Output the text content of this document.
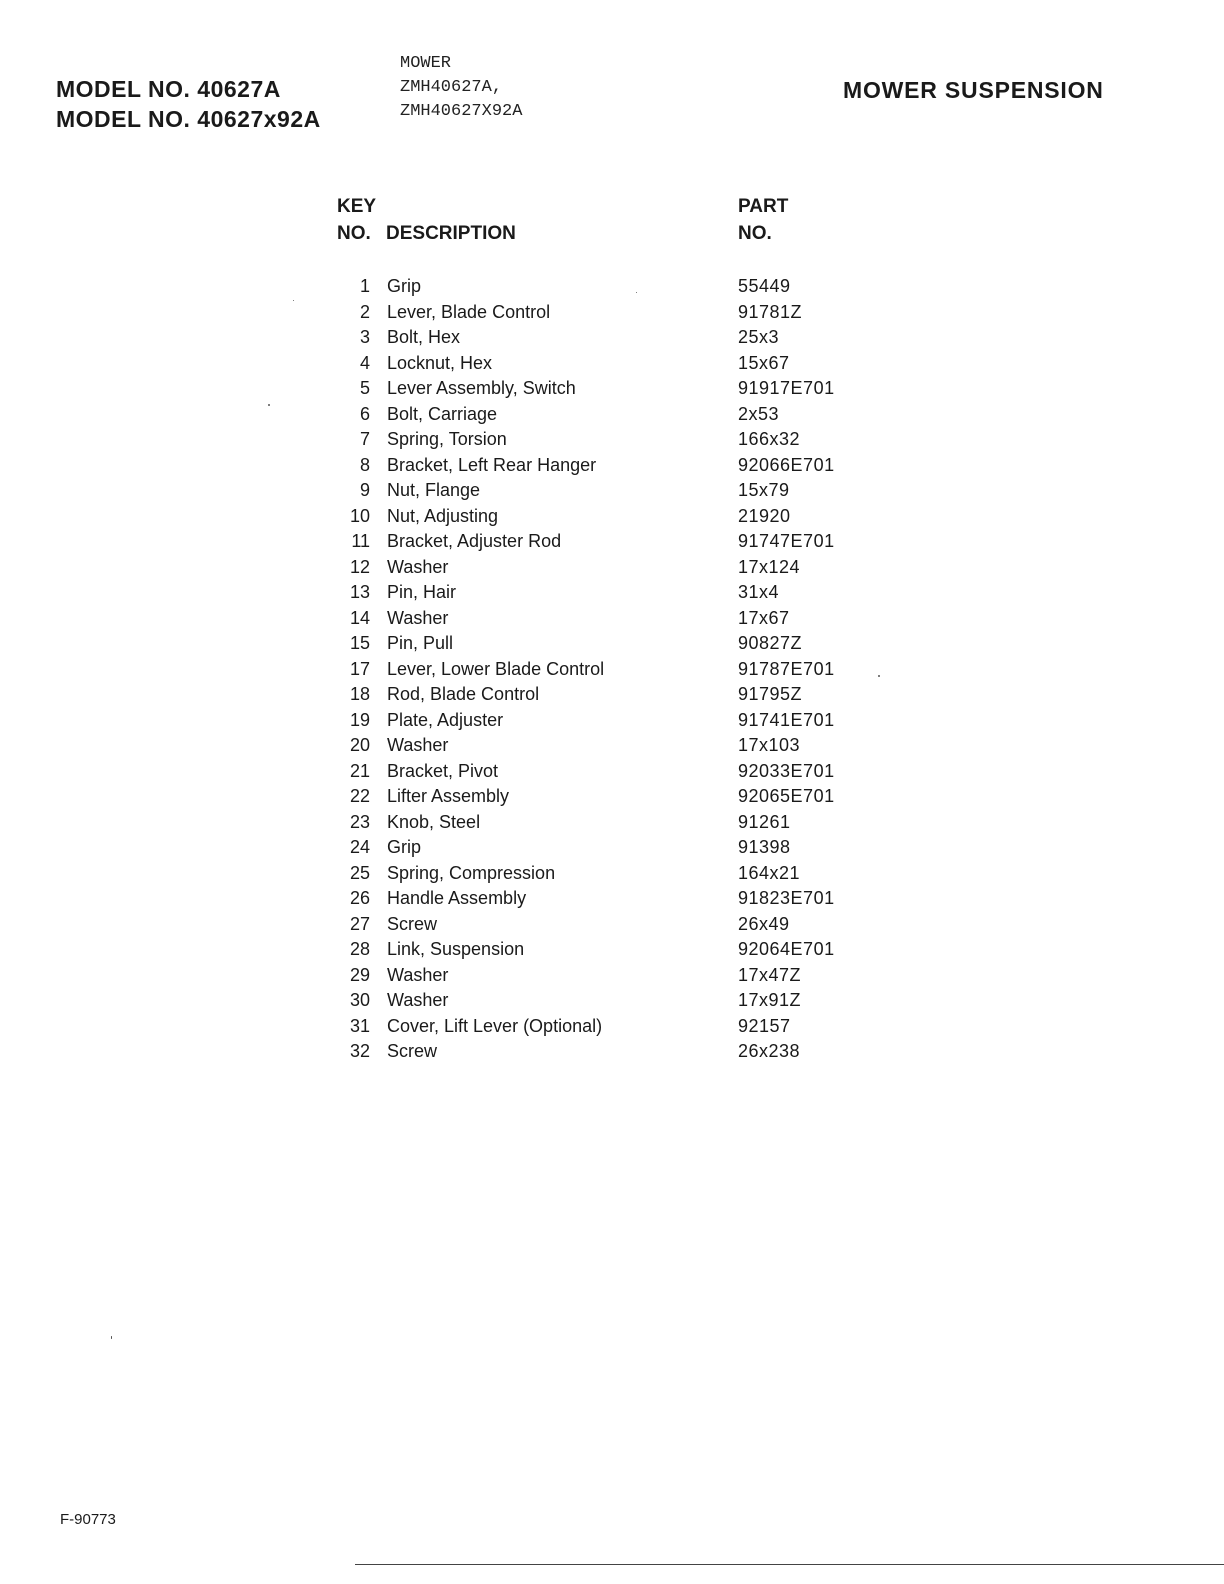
MODEL NO. 40627A
MODEL NO. 40627x92A
MOWER
ZMH40627A,
ZMH40627X92A
MOWER SUSPENSION
KEY
NO. DESCRIPTION
PART
NO.
1 Grip	55449
2 Lever, Blade Control	91781Z
3 Bolt, Hex	25x3
4 Locknut, Hex	15x67
5 Lever Assembly, Switch	91917E701
6 Bolt, Carriage	2x53
7 Spring, Torsion	166x32
8 Bracket, Left Rear Hanger	92066E701
9 Nut, Flange	15x79
10 Nut, Adjusting	21920
11 Bracket, Adjuster Rod	91747E701
12 Washer	17x124
13 Pin, Hair	31x4
14 Washer	17x67
15 Pin, Pull	90827Z
17 Lever, Lower Blade Control	91787E701
18 Rod, Blade Control	91795Z
19 Plate, Adjuster	91741E701
20 Washer	17x103
21 Bracket, Pivot	92033E701
22 Lifter Assembly	92065E701
23 Knob, Steel	91261
24 Grip	91398
25 Spring, Compression	164x21
26 Handle Assembly	91823E701
27 Screw	26x49
28 Link, Suspension	92064E701
29 Washer	17x47Z
30 Washer	17x91Z
31 Cover, Lift Lever (Optional)	92157
32 Screw	26x238
F-90773
